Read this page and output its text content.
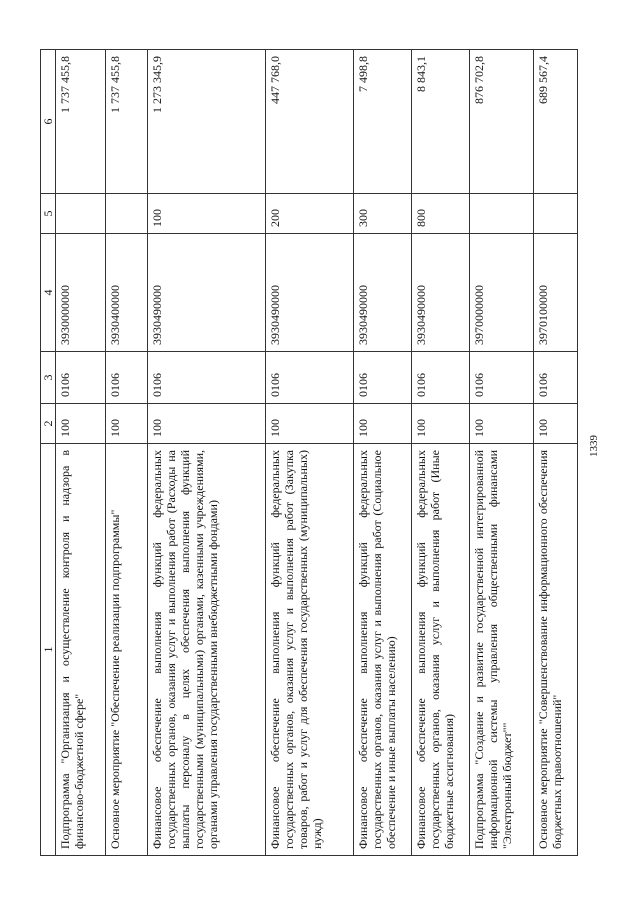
1339
1	2	3	4	5	6
Подпрограмма "Организация и осуществление контроля и надзора в финансово-бюджетной сфере"	100	0106	3930000000		1 737 455,8
Основное мероприятие "Обеспечение реализации подпрограммы"	100	0106	3930400000		1 737 455,8
Финансовое обеспечение выполнения функций федеральных государственных органов, оказания услуг и выполнения работ (Расходы на выплаты персоналу в целях обеспечения выполнения функций государственными (муниципальными) органами, казенными учреждениями, органами управления государственными внебюджетными фондами)	100	0106	3930490000	100	1 273 345,9
Финансовое обеспечение выполнения функций федеральных государственных органов, оказания услуг и выполнения работ (Закупка товаров, работ и услуг для обеспечения государственных (муниципальных) нужд)	100	0106	3930490000	200	447 768,0
Финансовое обеспечение выполнения функций федеральных государственных органов, оказания услуг и выполнения работ (Социальное обеспечение и иные выплаты населению)	100	0106	3930490000	300	7 498,8
Финансовое обеспечение выполнения функций федеральных государственных органов, оказания услуг и выполнения работ (Иные бюджетные ассигнования)	100	0106	3930490000	800	8 843,1
Подпрограмма "Создание и развитие государственной интегрированной информационной системы управления общественными финансами "Электронный бюджет""	100	0106	3970000000		876 702,8
Основное мероприятие "Совершенствование информационного обеспечения бюджетных правоотношений"	100	0106	3970100000		689 567,4
